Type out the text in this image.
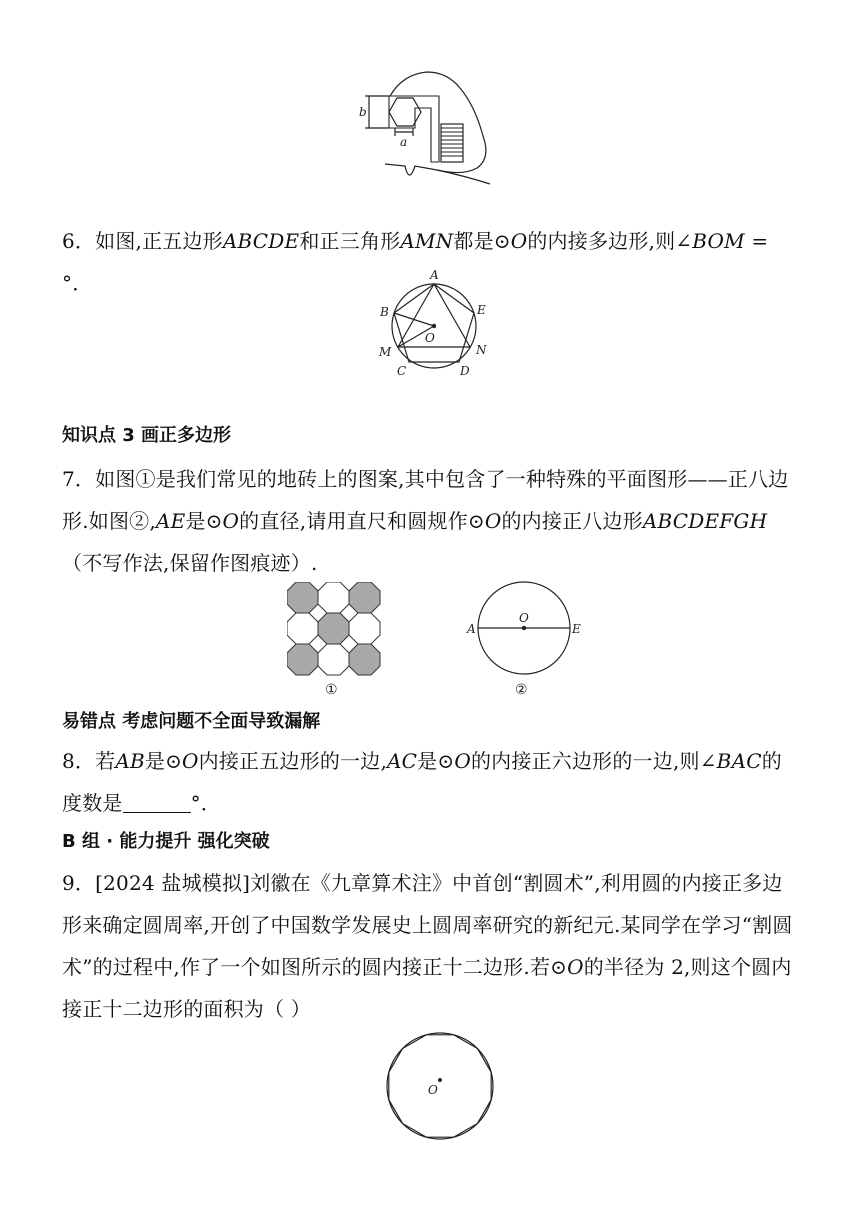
b
a
6．如图,正五边形ABCDE和正三角形AMN都是⊙O的内接多边形,则∠BOM = °．	A
B
C	D
E
M	N
O
知识点 3 画正多边形
7．如图①是我们常见的地砖上的图案,其中包含了一种特殊的平面图形——正八边形.如图②,AE是⊙O的直径,请用直尺和圆规作⊙O的内接正八边形ABCDEFGH（不写作法,保留作图痕迹）.
①
A
O
E
②
易错点 考虑问题不全面导致漏解
8．若AB是⊙O内接正五边形的一边,AC是⊙O的内接正六边形的一边,则∠BAC的度数是	°．
B 组 · 能力提升 强化突破
9．[2024 盐城模拟]刘徽在《九章算术注》中首创“割圆术”,利用圆的内接正多边形来确定圆周率,开创了中国数学发展史上圆周率研究的新纪元.某同学在学习“割圆术”的过程中,作了一个如图所示的圆内接正十二边形.若⊙O的半径为 2,则这个圆内接正十二边形的面积为（ ）
O
